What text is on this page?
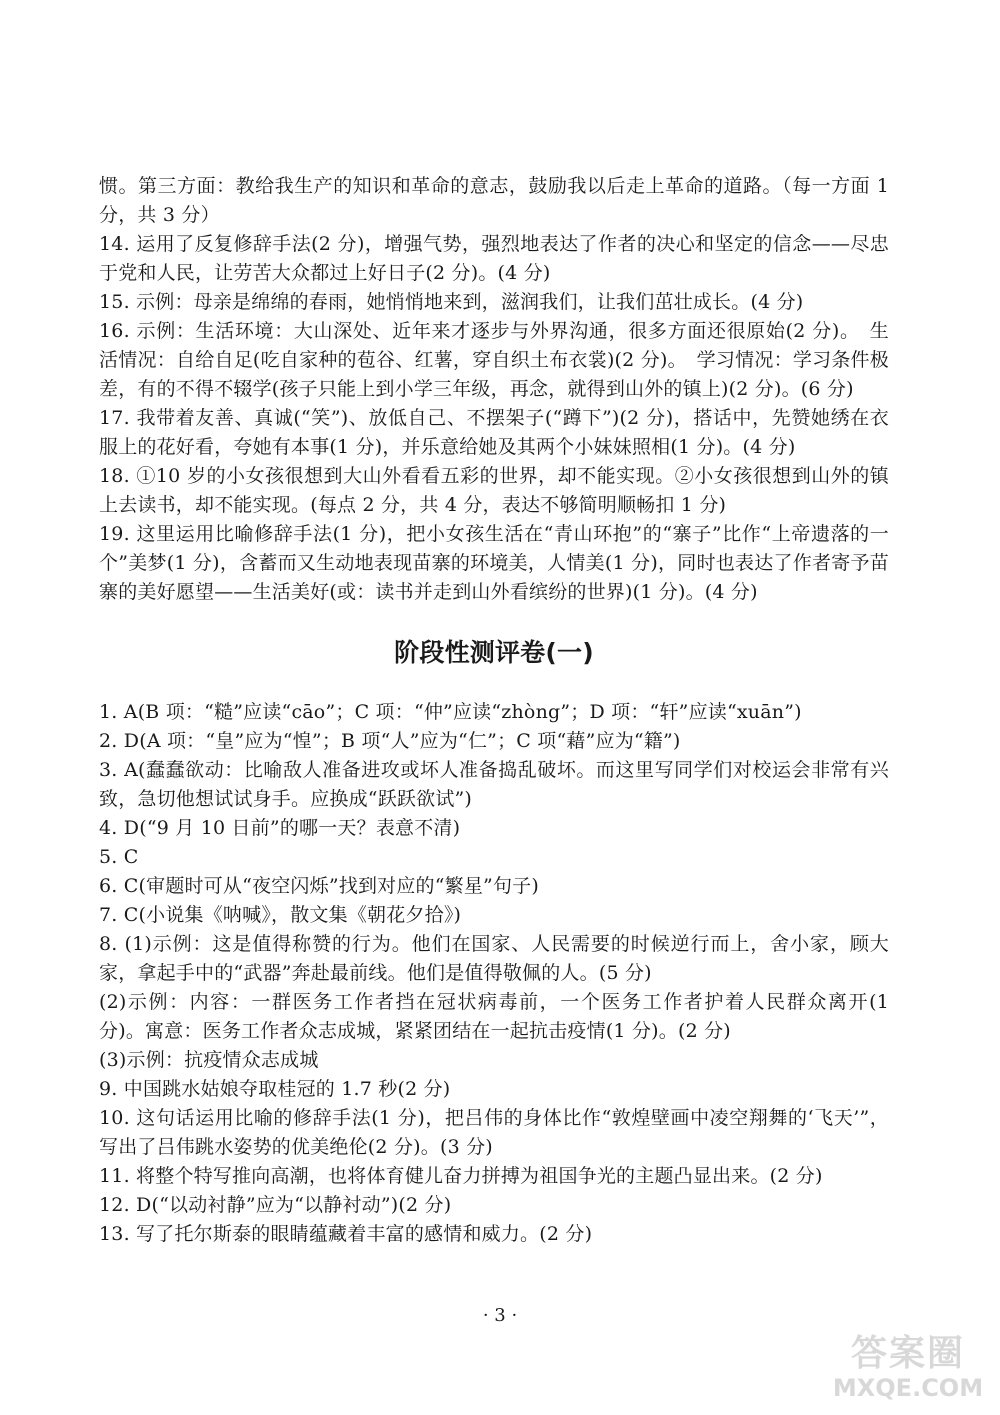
惯。第三方面：教给我生产的知识和革命的意志，鼓励我以后走上革命的道路。（每一方面 1 分，共 3 分）

14. 运用了反复修辞手法(2 分)，增强气势，强烈地表达了作者的决心和坚定的信念——尽忠于党和人民，让劳苦大众都过上好日子(2 分)。(4 分)

15. 示例：母亲是绵绵的春雨，她悄悄地来到，滋润我们，让我们茁壮成长。(4 分)

16. 示例：生活环境：大山深处、近年来才逐步与外界沟通，很多方面还很原始(2 分)。　生活情况：自给自足(吃自家种的苞谷、红薯，穿自织土布衣裳)(2 分)。　学习情况：学习条件极差，有的不得不辍学(孩子只能上到小学三年级，再念，就得到山外的镇上)(2 分)。(6 分)

17. 我带着友善、真诚(“笑”)、放低自己、不摆架子(“蹲下”)(2 分)，搭话中，先赞她绣在衣服上的花好看，夸她有本事(1 分)，并乐意给她及其两个小妹妹照相(1 分)。(4 分)

18. ①10 岁的小女孩很想到大山外看看五彩的世界，却不能实现。②小女孩很想到山外的镇上去读书，却不能实现。(每点 2 分，共 4 分，表达不够简明顺畅扣 1 分)

19. 这里运用比喻修辞手法(1 分)，把小女孩生活在“青山环抱”的“寨子”比作“上帝遗落的一个”美梦(1 分)，含蓄而又生动地表现苗寨的环境美，人情美(1 分)，同时也表达了作者寄予苗寨的美好愿望——生活美好(或：读书并走到山外看缤纷的世界)(1 分)。(4 分)

阶段性测评卷(一)

1. A(B 项：“糙”应读“cāo”；C 项：“仲”应读“zhòng”；D 项：“轩”应读“xuān”)

2. D(A 项：“皇”应为“惶”；B 项“人”应为“仁”；C 项“藉”应为“籍”)

3. A(蠢蠢欲动：比喻敌人准备进攻或坏人准备捣乱破坏。而这里写同学们对校运会非常有兴致，急切他想试试身手。应换成“跃跃欲试”)

4. D(“9 月 10 日前”的哪一天？表意不清)

5. C

6. C(审题时可从“夜空闪烁”找到对应的“繁星”句子)

7. C(小说集《呐喊》，散文集《朝花夕拾》)

8. (1)示例：这是值得称赞的行为。他们在国家、人民需要的时候逆行而上，舍小家，顾大家，拿起手中的“武器”奔赴最前线。他们是值得敬佩的人。(5 分)

(2)示例：内容：一群医务工作者挡在冠状病毒前，一个医务工作者护着人民群众离开(1 分)。寓意：医务工作者众志成城，紧紧团结在一起抗击疫情(1 分)。(2 分)

(3)示例：抗疫情众志成城

9. 中国跳水姑娘夺取桂冠的 1.7 秒(2 分)

10. 这句话运用比喻的修辞手法(1 分)，把吕伟的身体比作“敦煌壁画中凌空翔舞的‘飞天’”，写出了吕伟跳水姿势的优美绝伦(2 分)。(3 分)

11. 将整个特写推向高潮，也将体育健儿奋力拼搏为祖国争光的主题凸显出来。(2 分)

12. D(“以动衬静”应为“以静衬动”)(2 分)

13. 写了托尔斯泰的眼睛蕴藏着丰富的感情和威力。(2 分)

· 3 ·
答案圈
MXQE.COM
